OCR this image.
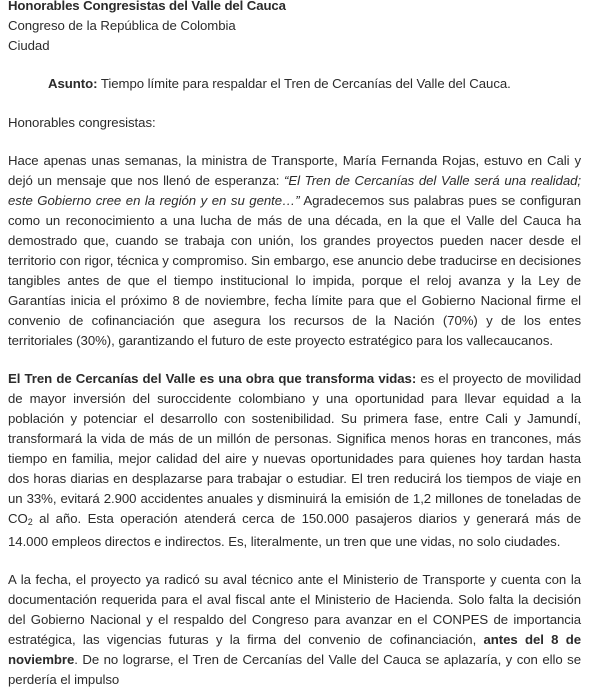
Honorables Congresistas del Valle del Cauca
Congreso de la República de Colombia
Ciudad
Asunto: Tiempo límite para respaldar el Tren de Cercanías del Valle del Cauca.
Honorables congresistas:

Hace apenas unas semanas, la ministra de Transporte, María Fernanda Rojas, estuvo en Cali y dejó un mensaje que nos llenó de esperanza: “El Tren de Cercanías del Valle será una realidad; este Gobierno cree en la región y en su gente…” Agradecemos sus palabras pues se configuran como un reconocimiento a una lucha de más de una década, en la que el Valle del Cauca ha demostrado que, cuando se trabaja con unión, los grandes proyectos pueden nacer desde el territorio con rigor, técnica y compromiso. Sin embargo, ese anuncio debe traducirse en decisiones tangibles antes de que el tiempo institucional lo impida, porque el reloj avanza y la Ley de Garantías inicia el próximo 8 de noviembre, fecha límite para que el Gobierno Nacional firme el convenio de cofinanciación que asegura los recursos de la Nación (70%) y de los entes territoriales (30%), garantizando el futuro de este proyecto estratégico para los vallecaucanos.

El Tren de Cercanías del Valle es una obra que transforma vidas: es el proyecto de movilidad de mayor inversión del suroccidente colombiano y una oportunidad para llevar equidad a la población y potenciar el desarrollo con sostenibilidad. Su primera fase, entre Cali y Jamundí, transformará la vida de más de un millón de personas. Significa menos horas en trancones, más tiempo en familia, mejor calidad del aire y nuevas oportunidades para quienes hoy tardan hasta dos horas diarias en desplazarse para trabajar o estudiar. El tren reducirá los tiempos de viaje en un 33%, evitará 2.900 accidentes anuales y disminuirá la emisión de 1,2 millones de toneladas de $CO_2$ al año. Esta operación atenderá cerca de 150.000 pasajeros diarios y generará más de 14.000 empleos directos e indirectos. Es, literalmente, un tren que une vidas, no solo ciudades.

A la fecha, el proyecto ya radicó su aval técnico ante el Ministerio de Transporte y cuenta con la documentación requerida para el aval fiscal ante el Ministerio de Hacienda. Solo falta la decisión del Gobierno Nacional y el respaldo del Congreso para avanzar en el CONPES de importancia estratégica, las vigencias futuras y la firma del convenio de cofinanciación, antes del 8 de noviembre. De no lograrse, el Tren de Cercanías del Valle del Cauca se aplazaría, y con ello se perdería el impulso
